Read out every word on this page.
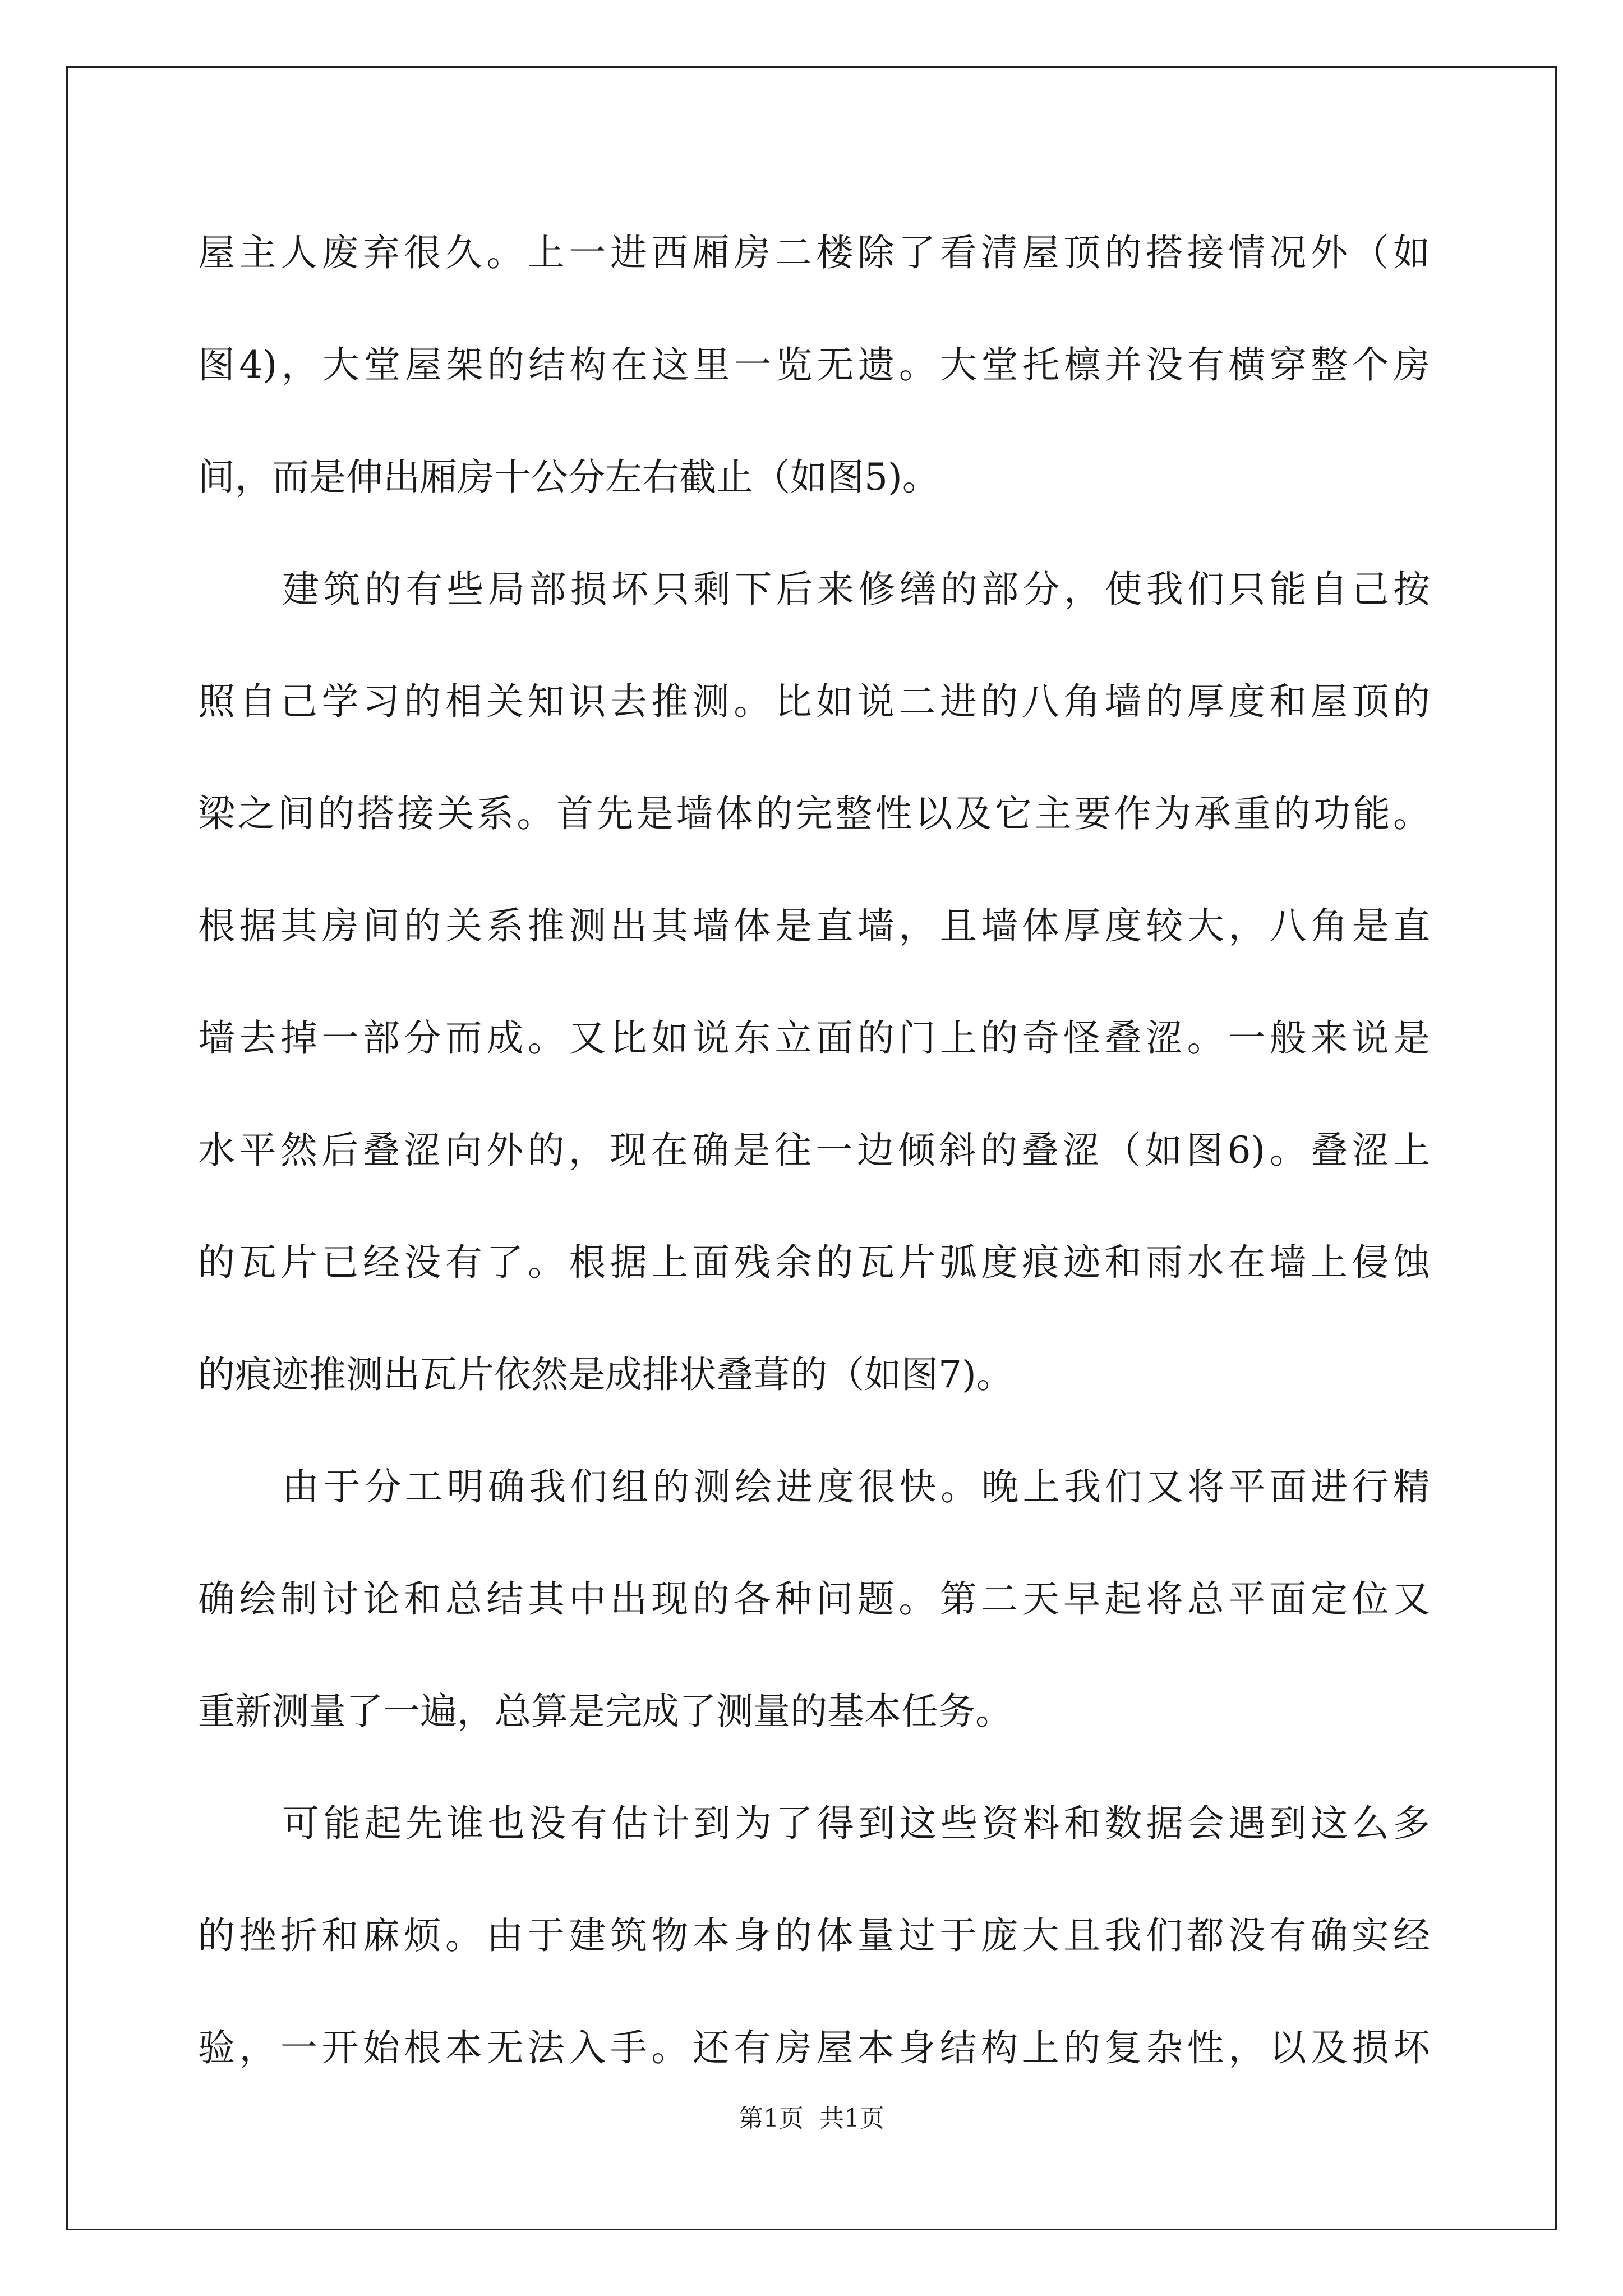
屋主人废弃很久。上一进西厢房二楼除了看清屋顶的搭接情况外（如
图4)，大堂屋架的结构在这里一览无遗。大堂托檩并没有横穿整个房
间，而是伸出厢房十公分左右截止（如图5)。
建筑的有些局部损坏只剩下后来修缮的部分，使我们只能自己按
照自己学习的相关知识去推测。比如说二进的八角墙的厚度和屋顶的
梁之间的搭接关系。首先是墙体的完整性以及它主要作为承重的功能。
根据其房间的关系推测出其墙体是直墙，且墙体厚度较大，八角是直
墙去掉一部分而成。又比如说东立面的门上的奇怪叠涩。一般来说是
水平然后叠涩向外的，现在确是往一边倾斜的叠涩（如图6)。叠涩上
的瓦片已经没有了。根据上面残余的瓦片弧度痕迹和雨水在墙上侵蚀
的痕迹推测出瓦片依然是成排状叠葺的（如图7)。
由于分工明确我们组的测绘进度很快。晚上我们又将平面进行精
确绘制讨论和总结其中出现的各种问题。第二天早起将总平面定位又
重新测量了一遍，总算是完成了测量的基本任务。
可能起先谁也没有估计到为了得到这些资料和数据会遇到这么多
的挫折和麻烦。由于建筑物本身的体量过于庞大且我们都没有确实经
验，一开始根本无法入手。还有房屋本身结构上的复杂性，以及损坏
第1页 共1页
